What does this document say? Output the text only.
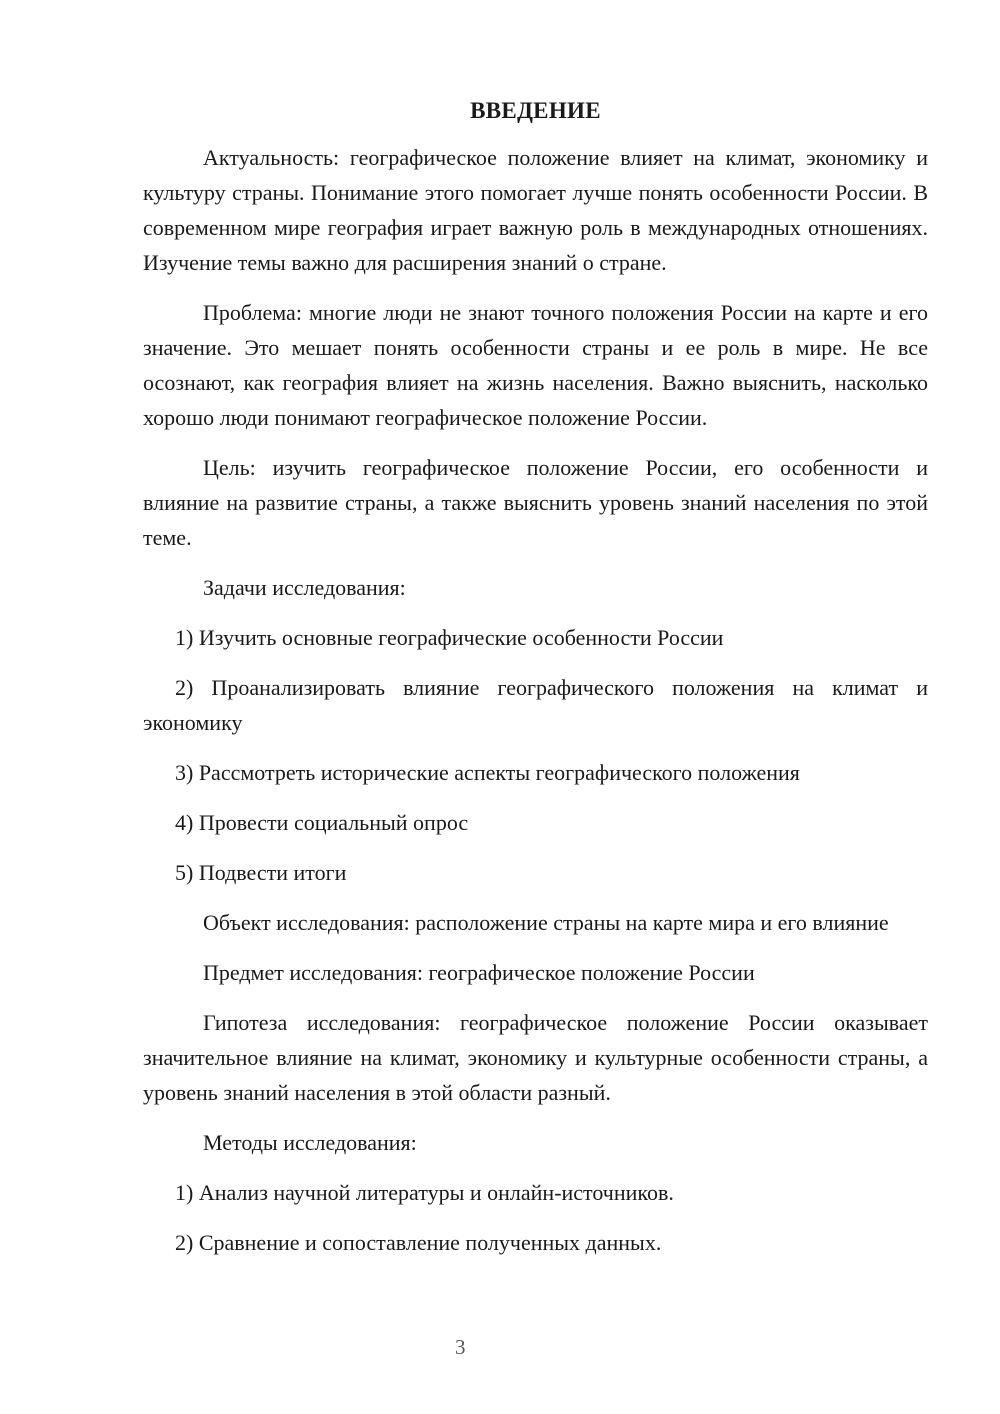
ВВЕДЕНИЕ

Актуальность: географическое положение влияет на климат, экономику и культуру страны. Понимание этого помогает лучше понять особенности России. В современном мире география играет важную роль в международных отношениях. Изучение темы важно для расширения знаний о стране.

Проблема: многие люди не знают точного положения России на карте и его значение. Это мешает понять особенности страны и ее роль в мире. Не все осознают, как география влияет на жизнь населения. Важно выяснить, насколько хорошо люди понимают географическое положение России.

Цель: изучить географическое положение России, его особенности и влияние на развитие страны, а также выяснить уровень знаний населения по этой теме.

Задачи исследования:

1) Изучить основные географические особенности России

2) Проанализировать влияние географического положения на климат и экономику

3) Рассмотреть исторические аспекты географического положения

4) Провести социальный опрос

5) Подвести итоги

Объект исследования: расположение страны на карте мира и его влияние

Предмет исследования: географическое положение России

Гипотеза исследования: географическое положение России оказывает значительное влияние на климат, экономику и культурные особенности страны, а уровень знаний населения в этой области разный.

Методы исследования:

1) Анализ научной литературы и онлайн-источников.

2) Сравнение и сопоставление полученных данных.

3
